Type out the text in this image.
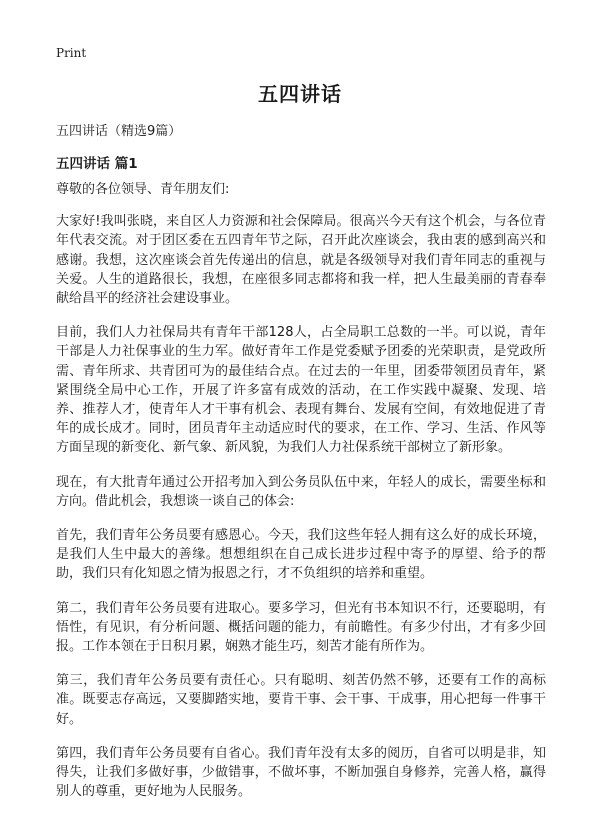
Print
五四讲话
五四讲话（精选9篇）
五四讲话 篇1

尊敬的各位领导、青年朋友们:

大家好!我叫张晓，来自区人力资源和社会保障局。很高兴今天有这个机会，与各位青年代表交流。对于团区委在五四青年节之际，召开此次座谈会，我由衷的感到高兴和感谢。我想，这次座谈会首先传递出的信息，就是各级领导对我们青年同志的重视与关爱。人生的道路很长，我想，在座很多同志都将和我一样，把人生最美丽的青春奉献给昌平的经济社会建设事业。

目前，我们人力社保局共有青年干部128人，占全局职工总数的一半。可以说，青年干部是人力社保事业的生力军。做好青年工作是党委赋予团委的光荣职责，是党政所需、青年所求、共青团可为的最佳结合点。在过去的一年里，团委带领团员青年，紧紧围绕全局中心工作，开展了许多富有成效的活动，在工作实践中凝聚、发现、培养、推荐人才，使青年人才干事有机会、表现有舞台、发展有空间，有效地促进了青年的成长成才。同时，团员青年主动适应时代的要求，在工作、学习、生活、作风等方面呈现的新变化、新气象、新风貌，为我们人力社保系统干部树立了新形象。

现在，有大批青年通过公开招考加入到公务员队伍中来，年轻人的成长，需要坐标和方向。借此机会，我想谈一谈自己的体会:

首先，我们青年公务员要有感恩心。今天，我们这些年轻人拥有这么好的成长环境，是我们人生中最大的善缘。想想组织在自己成长进步过程中寄予的厚望、给予的帮助，我们只有化知恩之情为报恩之行，才不负组织的培养和重望。

第二，我们青年公务员要有进取心。要多学习，但光有书本知识不行，还要聪明，有悟性，有见识，有分析问题、概括问题的能力，有前瞻性。有多少付出，才有多少回报。工作本领在于日积月累，娴熟才能生巧，刻苦才能有所作为。

第三，我们青年公务员要有责任心。只有聪明、刻苦仍然不够，还要有工作的高标准。既要志存高远，又要脚踏实地，要肯干事、会干事、干成事，用心把每一件事干好。

第四，我们青年公务员要有自省心。我们青年没有太多的阅历，自省可以明是非，知得失，让我们多做好事，少做错事，不做坏事，不断加强自身修养，完善人格，赢得别人的尊重，更好地为人民服务。
